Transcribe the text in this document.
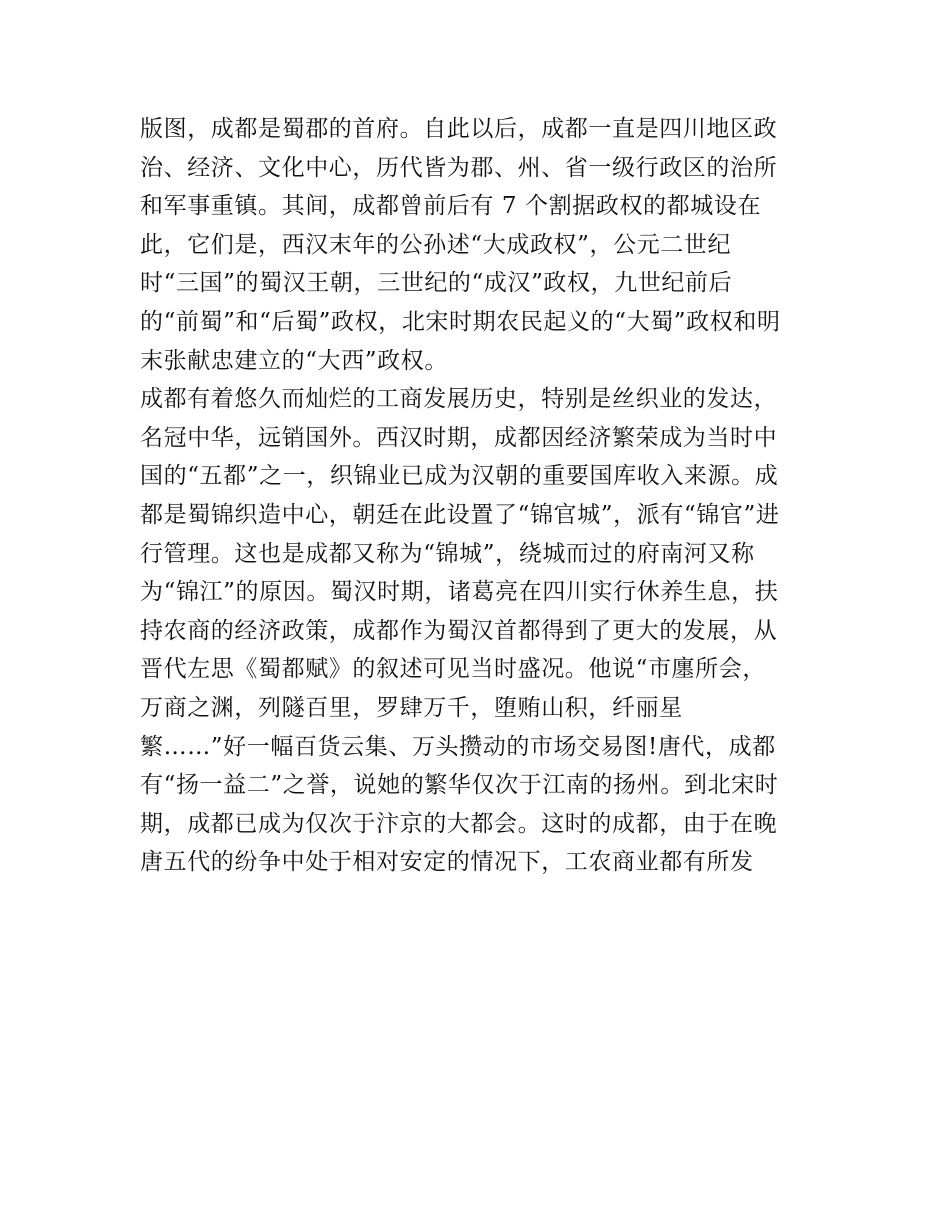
版图，成都是蜀郡的首府。自此以后，成都一直是四川地区政
治、经济、文化中心，历代皆为郡、州、省一级行政区的治所
和军事重镇。其间，成都曾前后有 7 个割据政权的都城设在
此，它们是，西汉末年的公孙述“大成政权”，公元二世纪
时“三国”的蜀汉王朝，三世纪的“成汉”政权，九世纪前后
的“前蜀”和“后蜀”政权，北宋时期农民起义的“大蜀”政权和明
末张献忠建立的“大西”政权。
成都有着悠久而灿烂的工商发展历史，特别是丝织业的发达，
名冠中华，远销国外。西汉时期，成都因经济繁荣成为当时中
国的“五都”之一，织锦业已成为汉朝的重要国库收入来源。成
都是蜀锦织造中心，朝廷在此设置了“锦官城”，派有“锦官”进
行管理。这也是成都又称为“锦城”，绕城而过的府南河又称
为“锦江”的原因。蜀汉时期，诸葛亮在四川实行休养生息，扶
持农商的经济政策，成都作为蜀汉首都得到了更大的发展，从
晋代左思《蜀都赋》的叙述可见当时盛况。他说“市廛所会，
万商之渊，列隧百里，罗肆万千，堕贿山积，纤丽星
繁……”好一幅百货云集、万头攒动的市场交易图!唐代，成都
有“扬一益二”之誉，说她的繁华仅次于江南的扬州。到北宋时
期，成都已成为仅次于汴京的大都会。这时的成都，由于在晚
唐五代的纷争中处于相对安定的情况下，工农商业都有所发
